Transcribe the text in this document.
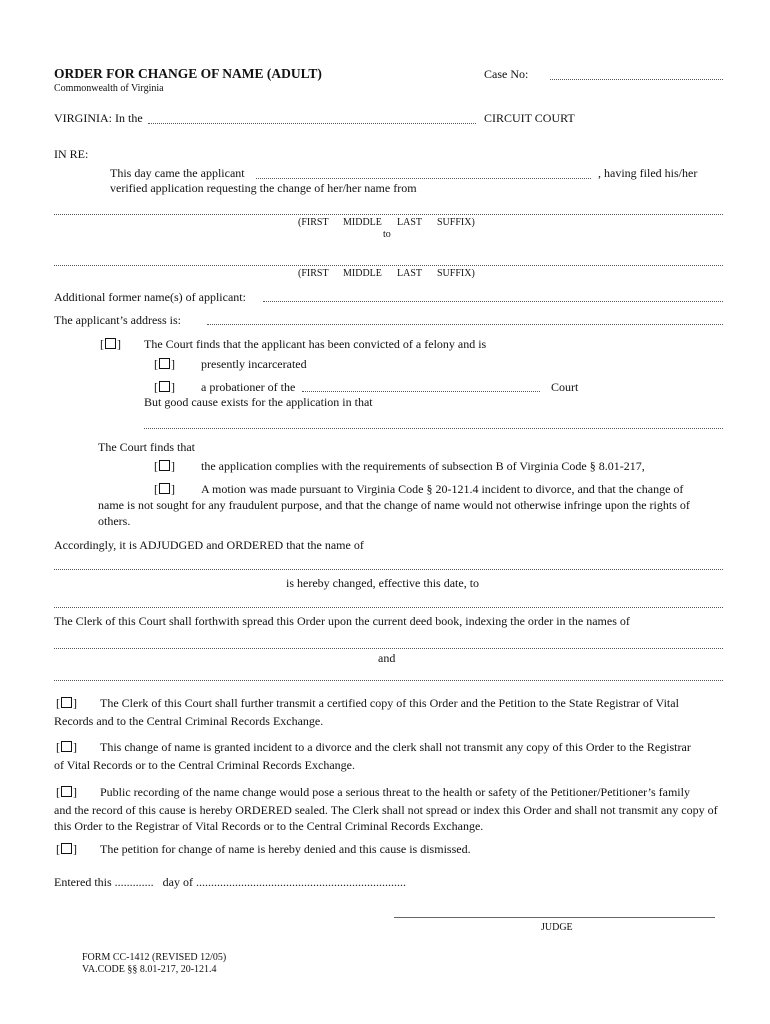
ORDER FOR CHANGE OF NAME (ADULT)
Commonwealth of Virginia
Case No:
VIRGINIA: In the	CIRCUIT COURT
IN RE:
This day came the applicant	, having filed his/her
verified application requesting the change of her/her name from
(FIRST MIDDLE LAST SUFFIX)
to
(FIRST MIDDLE LAST SUFFIX)
Additional former name(s) of applicant:
The applicant’s address is:
[ ] The Court finds that the applicant has been convicted of a felony and is
[ ] presently incarcerated
[ ] a probationer of the	Court
But good cause exists for the application in that
The Court finds that
[ ] the application complies with the requirements of subsection B of Virginia Code § 8.01-217,
[ ] A motion was made pursuant to Virginia Code § 20-121.4 incident to divorce, and that the change of
name is not sought for any fraudulent purpose, and that the change of name would not otherwise infringe upon the rights of others.
Accordingly, it is ADJUDGED and ORDERED that the name of
is hereby changed, effective this date, to
The Clerk of this Court shall forthwith spread this Order upon the current deed book, indexing the order in the names of
and
[ ] The Clerk of this Court shall further transmit a certified copy of this Order and the Petition to the State Registrar of Vital
Records and to the Central Criminal Records Exchange.
[ ] This change of name is granted incident to a divorce and the clerk shall not transmit any copy of this Order to the Registrar
of Vital Records or to the Central Criminal Records Exchange.
[ ] Public recording of the name change would pose a serious threat to the health or safety of the Petitioner/Petitioner’s family
and the record of this cause is hereby ORDERED sealed. The Clerk shall not spread or index this Order and shall not transmit any copy of this Order to the Registrar of Vital Records or to the Central Criminal Records Exchange.
[ ] The petition for change of name is hereby denied and this cause is dismissed.
Entered this ............. day of ......................................................................
JUDGE
FORM CC-1412 (REVISED 12/05)
VA.CODE §§ 8.01-217, 20-121.4
